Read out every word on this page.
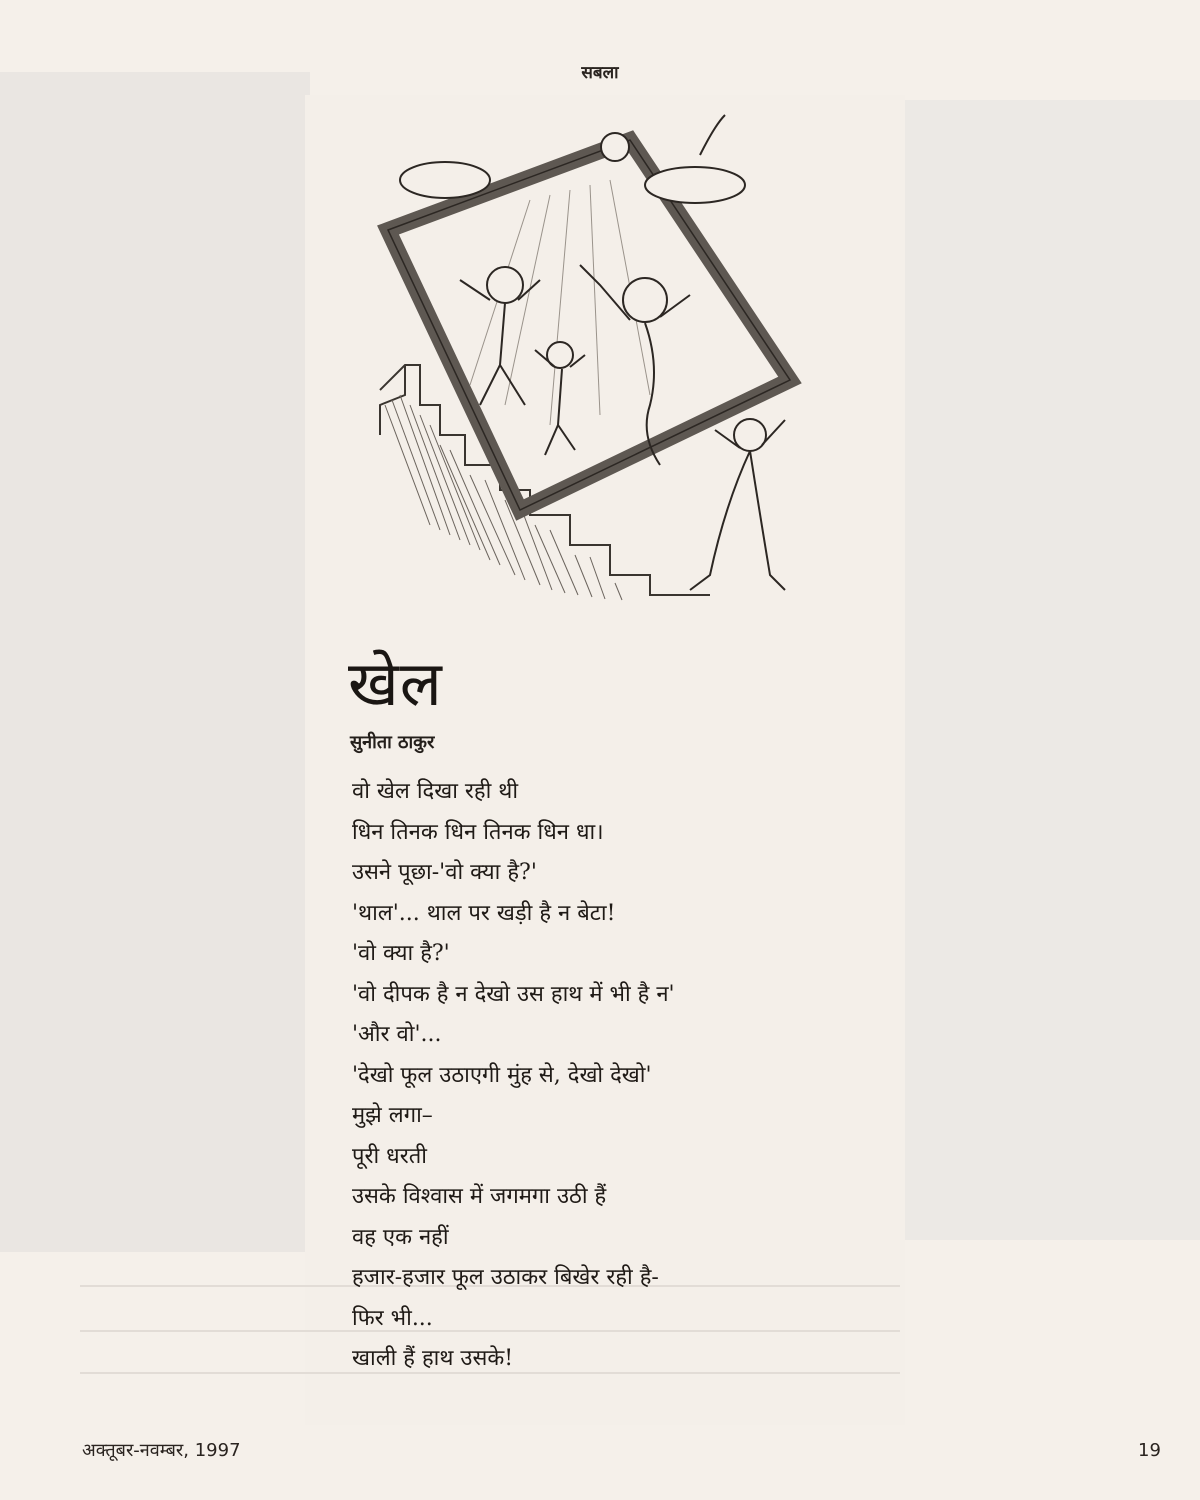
सबला
खेल
सुनीता ठाकुर
वो खेल दिखा रही थी
धिन तिनक धिन तिनक धिन धा।
उसने पूछा-'वो क्या है?'
'थाल'... थाल पर खड़ी है न बेटा!
'वो क्या है?'
'वो दीपक है न देखो उस हाथ में भी है न'
'और वो'...
'देखो फूल उठाएगी मुंह से, देखो देखो'
मुझे लगा–
पूरी धरती
उसके विश्वास में जगमगा उठी हैं
वह एक नहीं
हजार-हजार फूल उठाकर बिखेर रही है-
फिर भी...
खाली हैं हाथ उसके!
अक्तूबर-नवम्बर, 1997	19
